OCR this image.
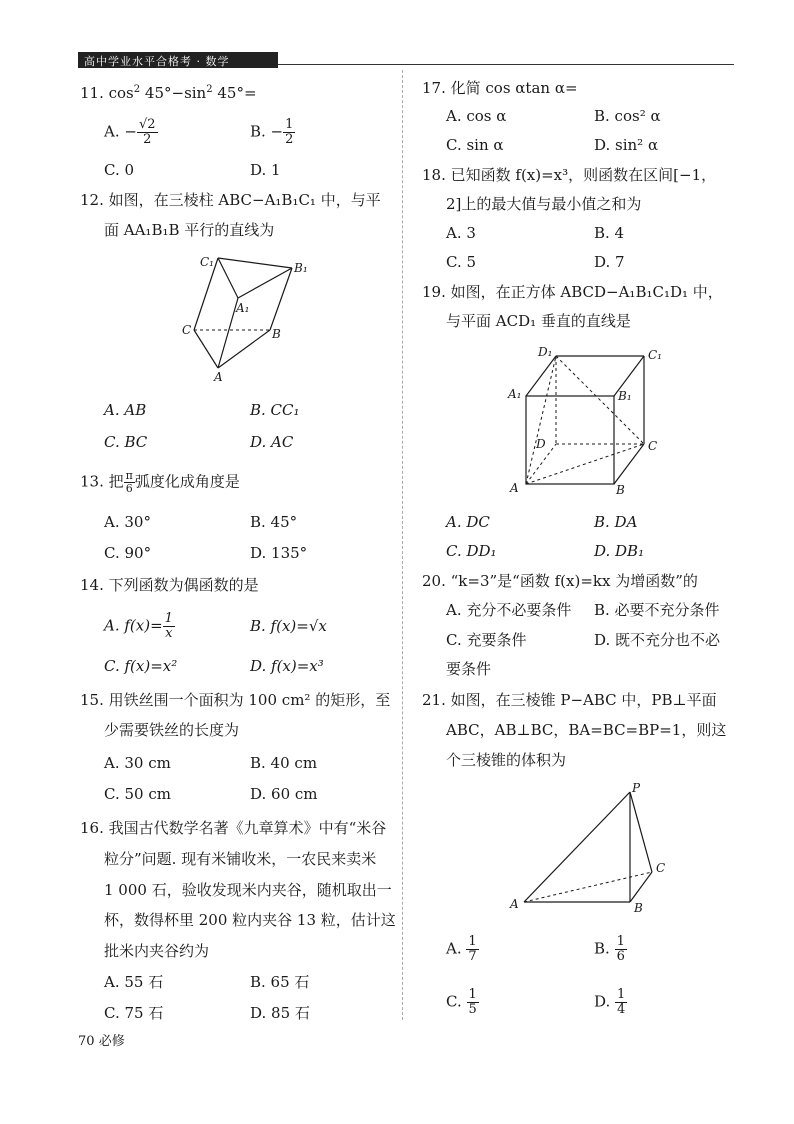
高中学业水平合格考 · 数学
11. $\cos^2 45^\circ-\sin^2$ 45°=
A. − $\frac{√2}{2}$	B. − $\frac{1}{2}$
C. 0	D. 1
12. 如图，在三棱柱 ABC−A₁B₁C₁ 中，与平
面 AA₁B₁B 平行的直线为
C₁	B₁
A₁
C	B
A
A. AB	B. CC₁
C. BC	D. AC
13. 把 $\frac{\pi}{6}$ 弧度化成角度是
A. 30°	B. 45°
C. 90°	D. 135°
14. 下列函数为偶函数的是
A. $f(x)= \frac{1}{x}$	B. f(x)=√x
C. f(x)=x²	D. f(x)=x³
15. 用铁丝围一个面积为 100 cm² 的矩形，至
少需要铁丝的长度为
A. 30 cm	B. 40 cm
C. 50 cm	D. 60 cm
16. 我国古代数学名著《九章算术》中有“米谷
粒分”问题. 现有米铺收米，一农民来卖米
1 000 石，验收发现米内夹谷，随机取出一
杯，数得杯里 200 粒内夹谷 13 粒，估计这
批米内夹谷约为
A. 55 石	B. 65 石
C. 75 石	D. 85 石
70 必修
17. 化简 cos αtan α=
A. cos α	B. cos² α
C. sin α	D. sin² α
18. 已知函数 f(x)=x³，则函数在区间[−1，
2]上的最大值与最小值之和为
A. 3	B. 4
C. 5	D. 7
19. 如图，在正方体 ABCD−A₁B₁C₁D₁ 中，
与平面 ACD₁ 垂直的直线是
D₁	C₁
A₁	B₁
D	C
A	B
A. DC	B. DA
C. DD₁	D. DB₁
20. “k=3”是“函数 f(x)=kx 为增函数”的
A. 充分不必要条件 B. 必要不充分条件
C. 充要条件	D. 既不充分也不必
要条件
21. 如图，在三棱锥 P−ABC 中，PB⊥平面
ABC，AB⊥BC，BA=BC=BP=1，则这
个三棱锥的体积为
P
C
A	B
A. $\frac{1}{7}$	B. $\frac{1}{6}$
C. $\frac{1}{5}$	D. $\frac{1}{4}$
